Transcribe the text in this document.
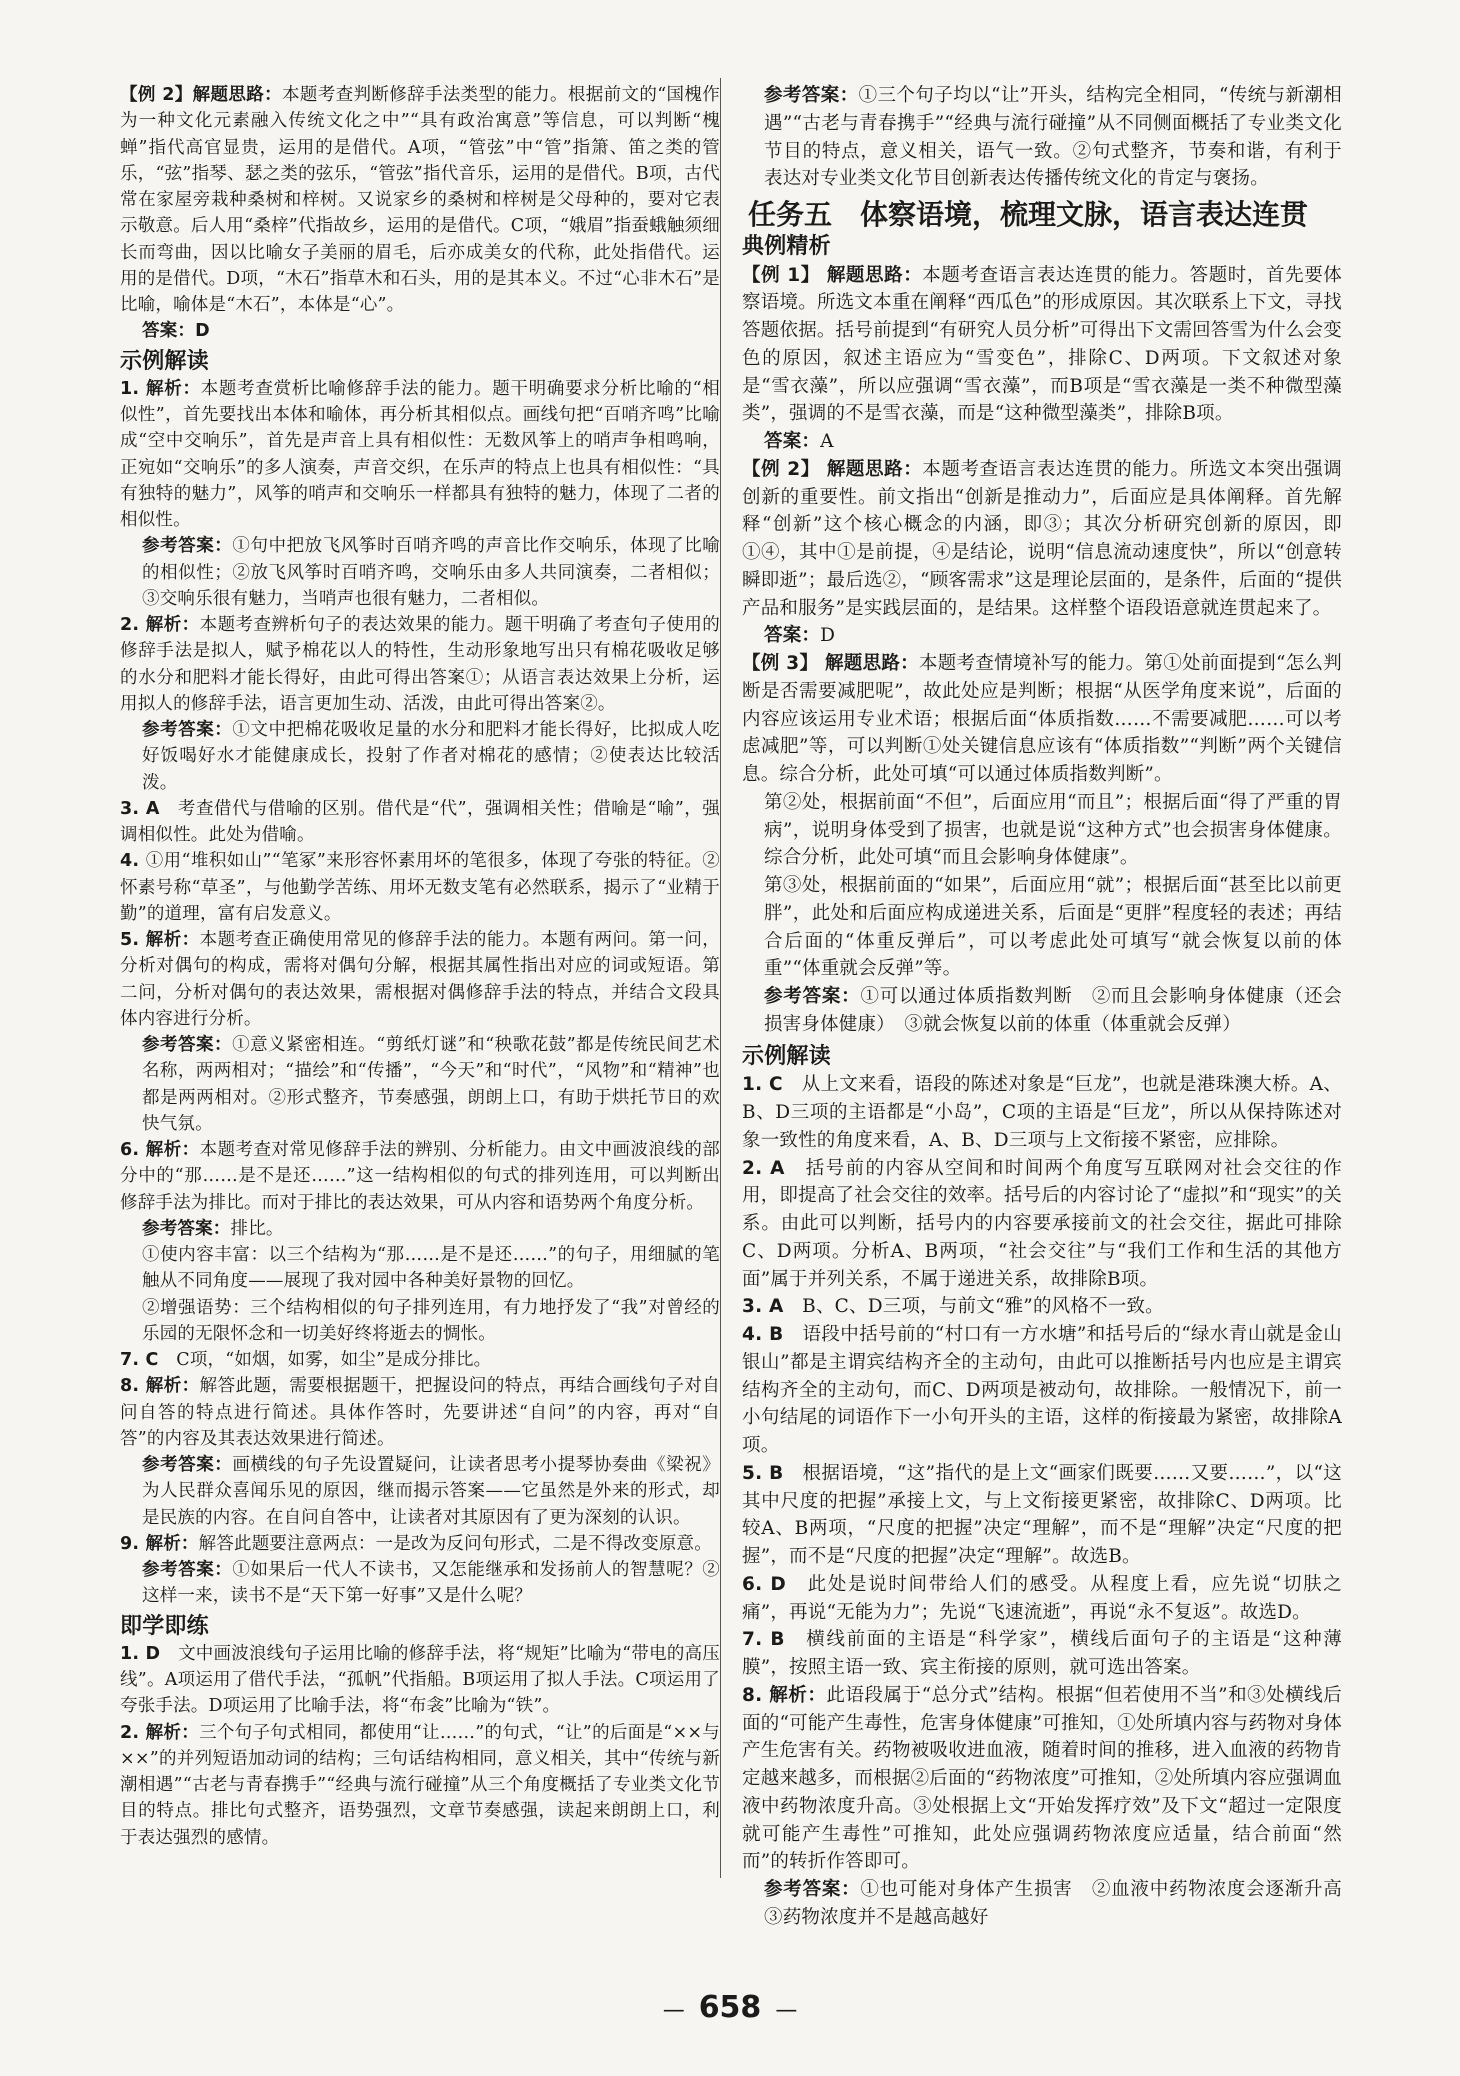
【例 2】解题思路：本题考查判断修辞手法类型的能力。根据前文的“国槐作为一种文化元素融入传统文化之中”“具有政治寓意”等信息，可以判断“槐蝉”指代高官显贵，运用的是借代。A项，“管弦”中“管”指箫、笛之类的管乐，“弦”指琴、瑟之类的弦乐，“管弦”指代音乐，运用的是借代。B项，古代常在家屋旁栽种桑树和梓树。又说家乡的桑树和梓树是父母种的，要对它表示敬意。后人用“桑梓”代指故乡，运用的是借代。C项，“娥眉”指蚕蛾触须细长而弯曲，因以比喻女子美丽的眉毛，后亦成美女的代称，此处指借代。运用的是借代。D项，“木石”指草木和石头，用的是其本义。不过“心非木石”是比喻，喻体是“木石”，本体是“心”。

答案：D

示例解读

1. 解析：本题考查赏析比喻修辞手法的能力。题干明确要求分析比喻的“相似性”，首先要找出本体和喻体，再分析其相似点。画线句把“百哨齐鸣”比喻成“空中交响乐”，首先是声音上具有相似性：无数风筝上的哨声争相鸣响，正宛如“交响乐”的多人演奏，声音交织，在乐声的特点上也具有相似性：“具有独特的魅力”，风筝的哨声和交响乐一样都具有独特的魅力，体现了二者的相似性。

参考答案：①句中把放飞风筝时百哨齐鸣的声音比作交响乐，体现了比喻的相似性；②放飞风筝时百哨齐鸣，交响乐由多人共同演奏，二者相似；③交响乐很有魅力，当哨声也很有魅力，二者相似。

2. 解析：本题考查辨析句子的表达效果的能力。题干明确了考查句子使用的修辞手法是拟人，赋予棉花以人的特性，生动形象地写出只有棉花吸收足够的水分和肥料才能长得好，由此可得出答案①；从语言表达效果上分析，运用拟人的修辞手法，语言更加生动、活泼，由此可得出答案②。

参考答案：①文中把棉花吸收足量的水分和肥料才能长得好，比拟成人吃好饭喝好水才能健康成长，投射了作者对棉花的感情；②使表达比较活泼。

3. A　考查借代与借喻的区别。借代是“代”，强调相关性；借喻是“喻”，强调相似性。此处为借喻。

4. ①用“堆积如山”“笔冢”来形容怀素用坏的笔很多，体现了夸张的特征。②怀素号称“草圣”，与他勤学苦练、用坏无数支笔有必然联系，揭示了“业精于勤”的道理，富有启发意义。

5. 解析：本题考查正确使用常见的修辞手法的能力。本题有两问。第一问，分析对偶句的构成，需将对偶句分解，根据其属性指出对应的词或短语。第二问，分析对偶句的表达效果，需根据对偶修辞手法的特点，并结合文段具体内容进行分析。

参考答案：①意义紧密相连。“剪纸灯谜”和“秧歌花鼓”都是传统民间艺术名称，两两相对；“描绘”和“传播”，“今天”和“时代”，“风物”和“精神”也都是两两相对。②形式整齐，节奏感强，朗朗上口，有助于烘托节日的欢快气氛。

6. 解析：本题考查对常见修辞手法的辨别、分析能力。由文中画波浪线的部分中的“那……是不是还……”这一结构相似的句式的排列连用，可以判断出修辞手法为排比。而对于排比的表达效果，可从内容和语势两个角度分析。

参考答案：排比。

①使内容丰富：以三个结构为“那……是不是还……”的句子，用细腻的笔触从不同角度——展现了我对园中各种美好景物的回忆。

②增强语势：三个结构相似的句子排列连用，有力地抒发了“我”对曾经的乐园的无限怀念和一切美好终将逝去的惆怅。

7. C　C项，“如烟，如雾，如尘”是成分排比。

8. 解析：解答此题，需要根据题干，把握设问的特点，再结合画线句子对自问自答的特点进行简述。具体作答时，先要讲述“自问”的内容，再对“自答”的内容及其表达效果进行简述。

参考答案：画横线的句子先设置疑问，让读者思考小提琴协奏曲《梁祝》为人民群众喜闻乐见的原因，继而揭示答案——它虽然是外来的形式，却是民族的内容。在自问自答中，让读者对其原因有了更为深刻的认识。

9. 解析：解答此题要注意两点：一是改为反问句形式，二是不得改变原意。

参考答案：①如果后一代人不读书，又怎能继承和发扬前人的智慧呢？②这样一来，读书不是“天下第一好事”又是什么呢？

即学即练

1. D　文中画波浪线句子运用比喻的修辞手法，将“规矩”比喻为“带电的高压线”。A项运用了借代手法，“孤帆”代指船。B项运用了拟人手法。C项运用了夸张手法。D项运用了比喻手法，将“布衾”比喻为“铁”。

2. 解析：三个句子句式相同，都使用“让……”的句式，“让”的后面是“××与××”的并列短语加动词的结构；三句话结构相同，意义相关，其中“传统与新潮相遇”“古老与青春携手”“经典与流行碰撞”从三个角度概括了专业类文化节目的特点。排比句式整齐，语势强烈，文章节奏感强，读起来朗朗上口，利于表达强烈的感情。

参考答案：①三个句子均以“让”开头，结构完全相同，“传统与新潮相遇”“古老与青春携手”“经典与流行碰撞”从不同侧面概括了专业类文化节目的特点，意义相关，语气一致。②句式整齐，节奏和谐，有利于表达对专业类文化节目创新表达传播传统文化的肯定与褒扬。

任务五　体察语境，梳理文脉，语言表达连贯
典例精析

【例 1】 解题思路：本题考查语言表达连贯的能力。答题时，首先要体察语境。所选文本重在阐释“西瓜色”的形成原因。其次联系上下文，寻找答题依据。括号前提到“有研究人员分析”可得出下文需回答雪为什么会变色的原因，叙述主语应为“雪变色”，排除C、D两项。下文叙述对象是“雪衣藻”，所以应强调“雪衣藻”，而B项是“雪衣藻是一类不种微型藻类”，强调的不是雪衣藻，而是“这种微型藻类”，排除B项。

答案：A

【例 2】 解题思路：本题考查语言表达连贯的能力。所选文本突出强调创新的重要性。前文指出“创新是推动力”，后面应是具体阐释。首先解释“创新”这个核心概念的内涵，即③；其次分析研究创新的原因，即①④，其中①是前提，④是结论，说明“信息流动速度快”，所以“创意转瞬即逝”；最后选②，“顾客需求”这是理论层面的，是条件，后面的“提供产品和服务”是实践层面的，是结果。这样整个语段语意就连贯起来了。

答案：D

【例 3】 解题思路：本题考查情境补写的能力。第①处前面提到“怎么判断是否需要减肥呢”，故此处应是判断；根据“从医学角度来说”，后面的内容应该运用专业术语；根据后面“体质指数……不需要减肥……可以考虑减肥”等，可以判断①处关键信息应该有“体质指数”“判断”两个关键信息。综合分析，此处可填“可以通过体质指数判断”。

第②处，根据前面“不但”，后面应用“而且”；根据后面“得了严重的胃病”，说明身体受到了损害，也就是说“这种方式”也会损害身体健康。综合分析，此处可填“而且会影响身体健康”。

第③处，根据前面的“如果”，后面应用“就”；根据后面“甚至比以前更胖”，此处和后面应构成递进关系，后面是“更胖”程度轻的表述；再结合后面的“体重反弹后”，可以考虑此处可填写“就会恢复以前的体重”“体重就会反弹”等。

参考答案：①可以通过体质指数判断　②而且会影响身体健康（还会损害身体健康）　③就会恢复以前的体重（体重就会反弹）

示例解读

1. C　从上文来看，语段的陈述对象是“巨龙”，也就是港珠澳大桥。A、B、D三项的主语都是“小岛”，C项的主语是“巨龙”，所以从保持陈述对象一致性的角度来看，A、B、D三项与上文衔接不紧密，应排除。

2. A　括号前的内容从空间和时间两个角度写互联网对社会交往的作用，即提高了社会交往的效率。括号后的内容讨论了“虚拟”和“现实”的关系。由此可以判断，括号内的内容要承接前文的社会交往，据此可排除C、D两项。分析A、B两项，“社会交往”与“我们工作和生活的其他方面”属于并列关系，不属于递进关系，故排除B项。

3. A　B、C、D三项，与前文“雅”的风格不一致。

4. B　语段中括号前的“村口有一方水塘”和括号后的“绿水青山就是金山银山”都是主谓宾结构齐全的主动句，由此可以推断括号内也应是主谓宾结构齐全的主动句，而C、D两项是被动句，故排除。一般情况下，前一小句结尾的词语作下一小句开头的主语，这样的衔接最为紧密，故排除A项。

5. B　根据语境，“这”指代的是上文“画家们既要……又要……”，以“这其中尺度的把握”承接上文，与上文衔接更紧密，故排除C、D两项。比较A、B两项，“尺度的把握”决定“理解”，而不是“理解”决定“尺度的把握”，而不是“尺度的把握”决定“理解”。故选B。

6. D　此处是说时间带给人们的感受。从程度上看，应先说“切肤之痛”，再说“无能为力”；先说“飞速流逝”，再说“永不复返”。故选D。

7. B　横线前面的主语是“科学家”，横线后面句子的主语是“这种薄膜”，按照主语一致、宾主衔接的原则，就可选出答案。

8. 解析：此语段属于“总分式”结构。根据“但若使用不当”和③处横线后面的“可能产生毒性，危害身体健康”可推知，①处所填内容与药物对身体产生危害有关。药物被吸收进血液，随着时间的推移，进入血液的药物肯定越来越多，而根据②后面的“药物浓度”可推知，②处所填内容应强调血液中药物浓度升高。③处根据上文“开始发挥疗效”及下文“超过一定限度就可能产生毒性”可推知，此处应强调药物浓度应适量，结合前面“然而”的转折作答即可。

参考答案：①也可能对身体产生损害　②血液中药物浓度会逐渐升高　③药物浓度并不是越高越好

— 658 —
